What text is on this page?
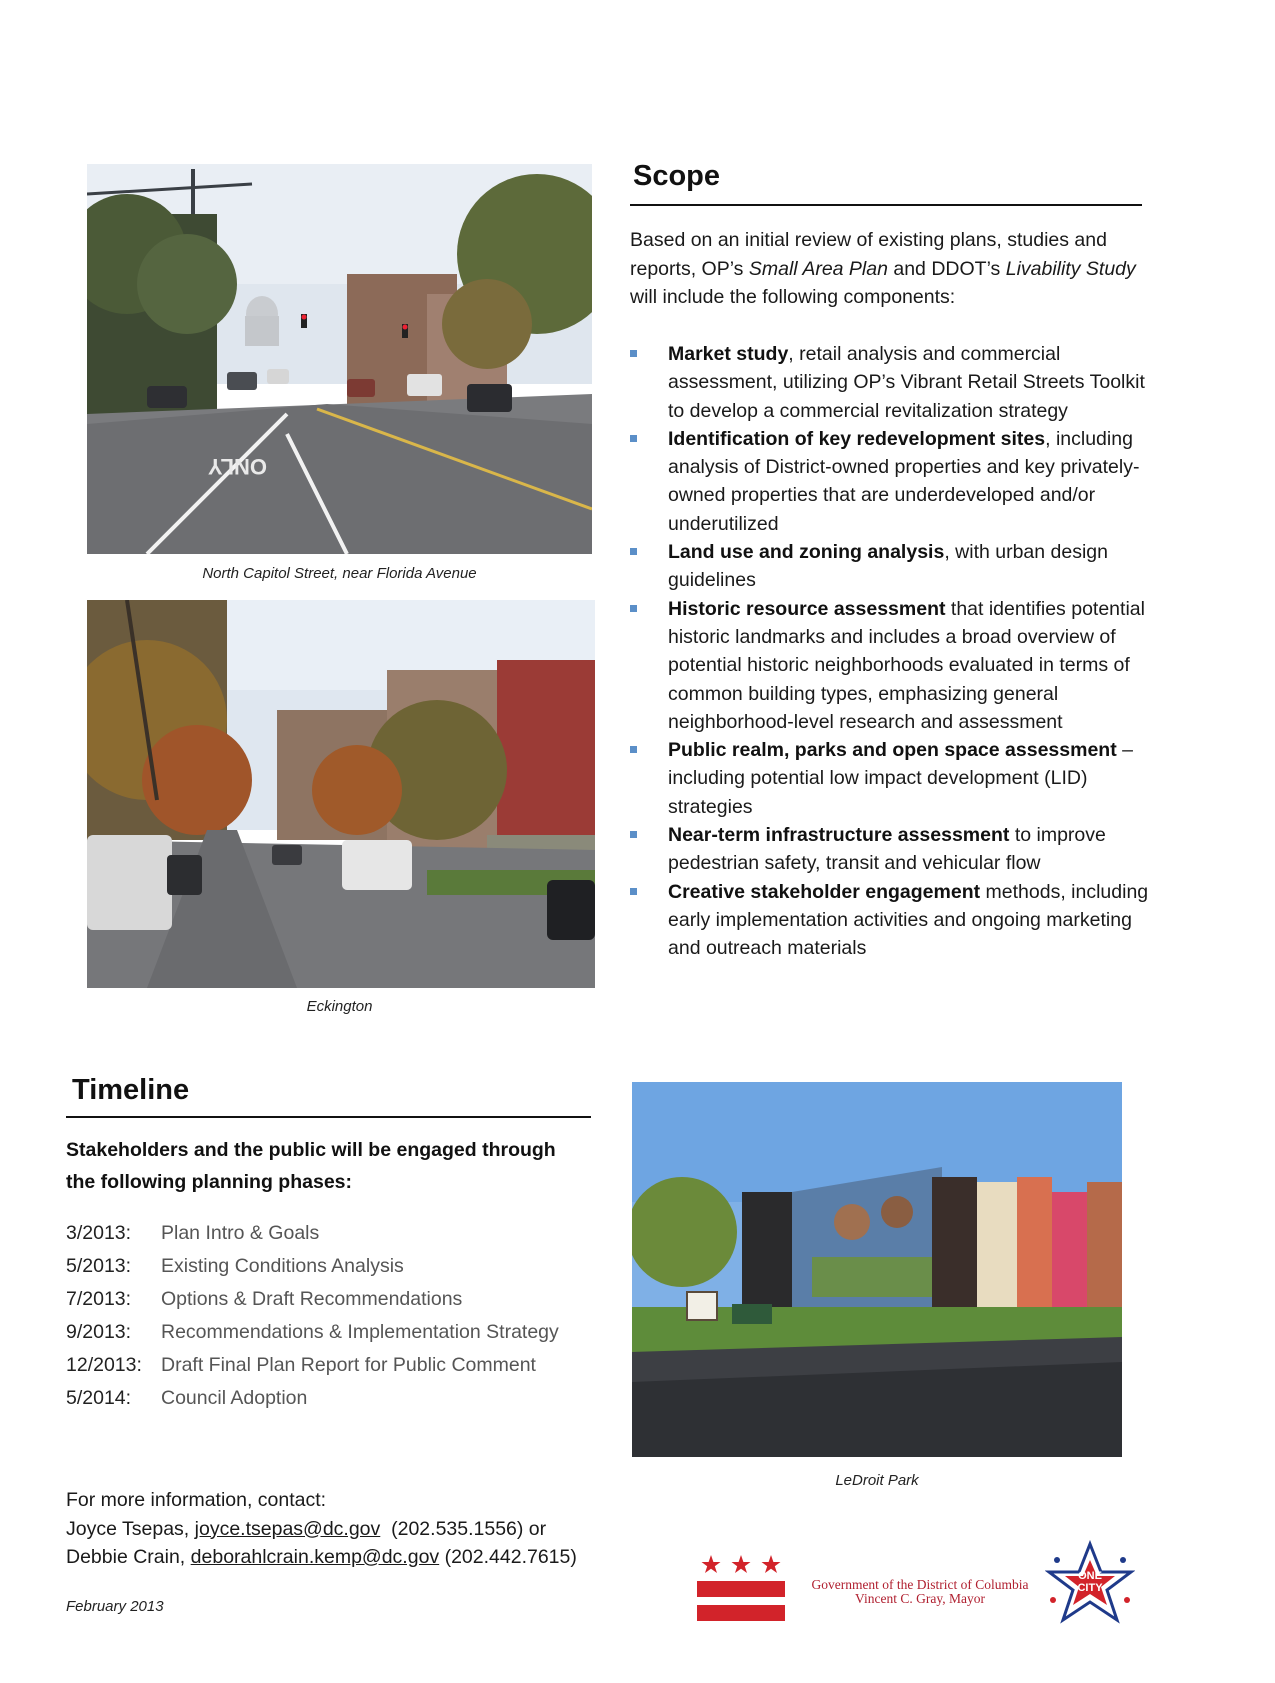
ONLY
North Capitol Street, near Florida Avenue
Eckington
Scope
Based on an initial review of existing plans, studies and reports, OP’s Small Area Plan and DDOT’s Livability Study will include the following components:
Market study, retail analysis and commercial assessment, utilizing OP’s Vibrant Retail Streets Toolkit to develop a commercial revitalization strategy
Identification of key redevelopment sites, including analysis of District-owned properties and key privately-owned properties that are underdeveloped and/or underutilized
Land use and zoning analysis, with urban design guidelines
Historic resource assessment that identifies potential historic landmarks and includes a broad overview of potential historic neighborhoods evaluated in terms of common building types, emphasizing general neighborhood-level research and assessment
Public realm, parks and open space assessment – including potential low impact development (LID) strategies
Near-term infrastructure assessment to improve pedestrian safety, transit and vehicular flow
Creative stakeholder engagement methods, including early implementation activities and ongoing marketing and outreach materials
Timeline
Stakeholders and the public will be engaged through the following planning phases:
3/2013:	Plan Intro & Goals
5/2013:	Existing Conditions Analysis
7/2013:	Options & Draft Recommendations
9/2013:	Recommendations & Implementation Strategy
12/2013: Draft Final Plan Report for Public Comment
5/2014:	Council Adoption
LeDroit Park
For more information, contact:
Joyce Tsepas, joyce.tsepas@dc.gov  (202.535.1556) or
Debbie Crain, deborahlcrain.kemp@dc.gov (202.442.7615)
February 2013
Government of the District of Columbia
Vincent C. Gray, Mayor
ONE
CITY
